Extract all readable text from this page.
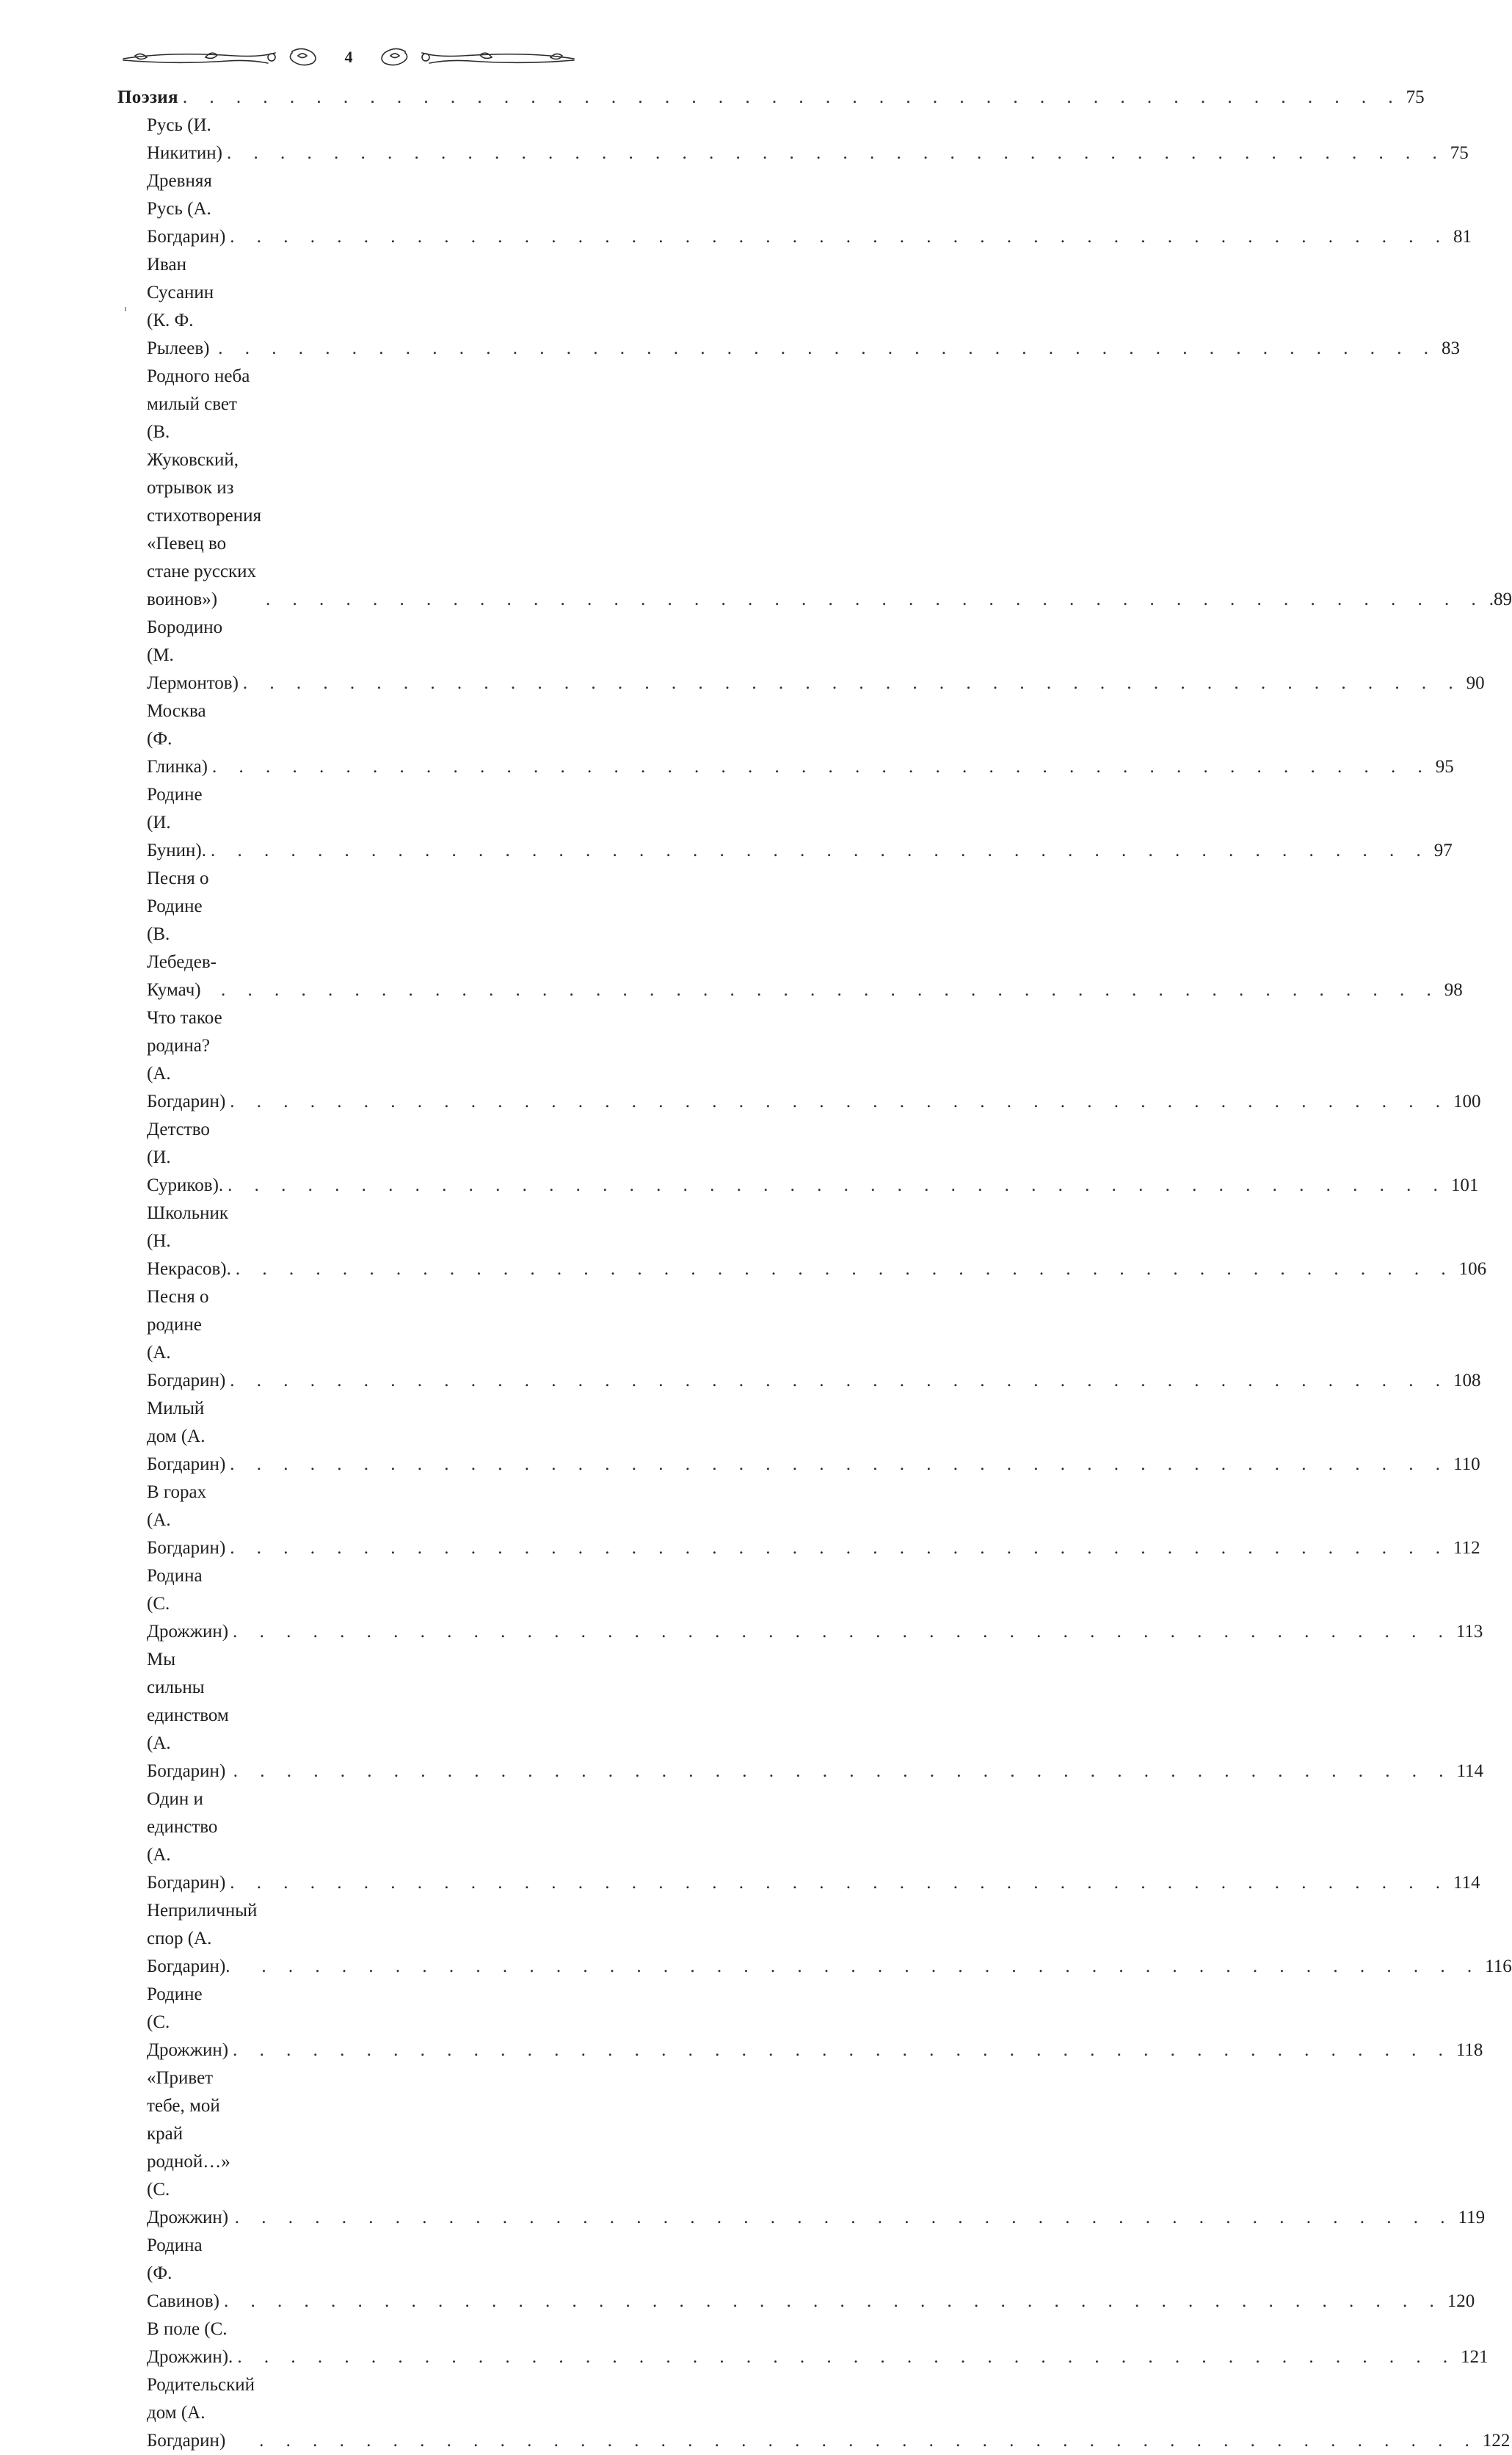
4
Поэзия . . . . . . . . . . . . . . . . . . . . . . . . . . . . . . . . . . . . . . . . . . . . . . 75
Русь (И. Никитин) . . . . . . . . . . . . . . . . . . . . . . . . . . . . . . . . . . . . . . . . . . . . . . 75
Древняя Русь (А. Богдарин) . . . . . . . . . . . . . . . . . . . . . . . . . . . . . . . . . . . . . . . . . . . . . . 81
Иван Сусанин (К. Ф. Рылеев) . . . . . . . . . . . . . . . . . . . . . . . . . . . . . . . . . . . . . . . . . . . . . . 83
Родного неба милый свет
(В. Жуковский, отрывок из стихотворения
«Певец во стане русских воинов»)	. . . . . . . . . . . . . . . . . . . . . . . . . . . . . . . . . . . . . . . . . . . . . . .89
Бородино (М. Лермонтов) . . . . . . . . . . . . . . . . . . . . . . . . . . . . . . . . . . . . . . . . . . . . . . 90
Москва (Ф. Глинка) . . . . . . . . . . . . . . . . . . . . . . . . . . . . . . . . . . . . . . . . . . . . . . 95
Родине (И. Бунин). . . . . . . . . . . . . . . . . . . . . . . . . . . . . . . . . . . . . . . . . . . . . . . 97
Песня о Родине (В. Лебедев-Кумач)	. . . . . . . . . . . . . . . . . . . . . . . . . . . . . . . . . . . . . . . . . . . . . . 98
Что такое родина? (А. Богдарин) . . . . . . . . . . . . . . . . . . . . . . . . . . . . . . . . . . . . . . . . . . . . . . 100
Детство (И. Суриков). . . . . . . . . . . . . . . . . . . . . . . . . . . . . . . . . . . . . . . . . . . . . . . 101
Школьник (Н. Некрасов). . . . . . . . . . . . . . . . . . . . . . . . . . . . . . . . . . . . . . . . . . . . . . . 106
Песня о родине (А. Богдарин) . . . . . . . . . . . . . . . . . . . . . . . . . . . . . . . . . . . . . . . . . . . . . . 108
Милый дом (А. Богдарин) . . . . . . . . . . . . . . . . . . . . . . . . . . . . . . . . . . . . . . . . . . . . . . 110
В горах (А. Богдарин) . . . . . . . . . . . . . . . . . . . . . . . . . . . . . . . . . . . . . . . . . . . . . . 112
Родина (С. Дрожжин) . . . . . . . . . . . . . . . . . . . . . . . . . . . . . . . . . . . . . . . . . . . . . . 113
Мы сильны единством (А. Богдарин) . . . . . . . . . . . . . . . . . . . . . . . . . . . . . . . . . . . . . . . . . . . . . . 114
Один и единство (А. Богдарин) . . . . . . . . . . . . . . . . . . . . . . . . . . . . . . . . . . . . . . . . . . . . . . 114
Неприличный спор (А. Богдарин).	. . . . . . . . . . . . . . . . . . . . . . . . . . . . . . . . . . . . . . . . . . . . . . 116
Родине (С. Дрожжин) . . . . . . . . . . . . . . . . . . . . . . . . . . . . . . . . . . . . . . . . . . . . . . 118
«Привет тебе, мой край родной…»
(С. Дрожжин) . . . . . . . . . . . . . . . . . . . . . . . . . . . . . . . . . . . . . . . . . . . . . . 119
Родина (Ф. Савинов) . . . . . . . . . . . . . . . . . . . . . . . . . . . . . . . . . . . . . . . . . . . . . . 120
В поле (С. Дрожжин). . . . . . . . . . . . . . . . . . . . . . . . . . . . . . . . . . . . . . . . . . . . . . . 121
Родительский дом (А. Богдарин)	. . . . . . . . . . . . . . . . . . . . . . . . . . . . . . . . . . . . . . . . . . . . . . 122
